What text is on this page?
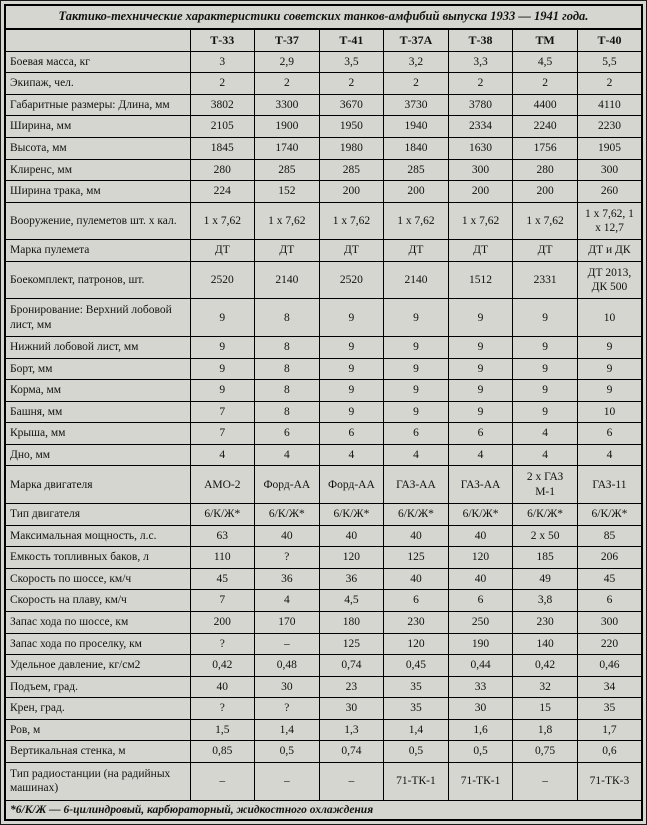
Тактико-технические характеристики советских танков-амфибий выпуска 1933 — 1941 года.							
	Т-33	Т-37	Т-41	Т-37А	Т-38	ТМ	Т-40
Боевая масса, кг	3	2,9	3,5	3,2	3,3	4,5	5,5
Экипаж, чел.	2	2	2	2	2	2	2
Габаритные размеры: Длина, мм	3802	3300	3670	3730	3780	4400	4110
Ширина, мм	2105	1900	1950	1940	2334	2240	2230
Высота, мм	1845	1740	1980	1840	1630	1756	1905
Клиренс, мм	280	285	285	285	300	280	300
Ширина трака, мм	224	152	200	200	200	200	260
Вооружение, пулеметов шт. х кал.	1 х 7,62	1 х 7,62	1 х 7,62	1 х 7,62	1 х 7,62	1 х 7,62	1 х 7,62, 1 х 12,7
Марка пулемета	ДТ	ДТ	ДТ	ДТ	ДТ	ДТ	ДТ и ДК
Боекомплект, патронов, шт.	2520	2140	2520	2140	1512	2331	ДТ 2013, ДК 500
Бронирование: Верхний лобовой лист, мм	9	8	9	9	9	9	10
Нижний лобовой лист, мм	9	8	9	9	9	9	9
Борт, мм	9	8	9	9	9	9	9
Корма, мм	9	8	9	9	9	9	9
Башня, мм	7	8	9	9	9	9	10
Крыша, мм	7	6	6	6	6	4	6
Дно, мм	4	4	4	4	4	4	4
Марка двигателя	АМО-2	Форд-АА	Форд-АА	ГАЗ-АА	ГАЗ-АА	2 х ГАЗ М-1	ГАЗ-11
Тип двигателя	6/К/Ж*	6/К/Ж*	6/К/Ж*	6/К/Ж*	6/К/Ж*	6/К/Ж*	6/К/Ж*
Максимальная мощность, л.с.	63	40	40	40	40	2 х 50	85
Емкость топливных баков, л	110	?	120	125	120	185	206
Скорость по шоссе, км/ч	45	36	36	40	40	49	45
Скорость на плаву, км/ч	7	4	4,5	6	6	3,8	6
Запас хода по шоссе, км	200	170	180	230	250	230	300
Запас хода по проселку, км	?	–	125	120	190	140	220
Удельное давление, кг/см2	0,42	0,48	0,74	0,45	0,44	0,42	0,46
Подъем, град.	40	30	23	35	33	32	34
Крен, град.	?	?	30	35	30	15	35
Ров, м	1,5	1,4	1,3	1,4	1,6	1,8	1,7
Вертикальная стенка, м	0,85	0,5	0,74	0,5	0,5	0,75	0,6
Тип радиостанции (на радийных машинах)	–	–	–	71-ТК-1	71-ТК-1	–	71-ТК-3
*6/К/Ж — 6-цилиндровый, карбюраторный, жидкостного охлаждения							
